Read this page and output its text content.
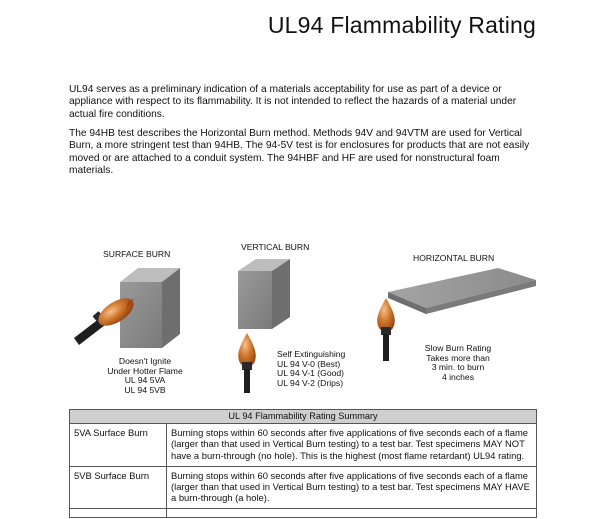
UL94 Flammability Rating

UL94 serves as a preliminary indication of a materials acceptability for use as part of a device or appliance with respect to its flammability. It is not intended to reflect the hazards of a material under actual fire conditions.

The 94HB test describes the Horizontal Burn method. Methods 94V and 94VTM are used for Vertical Burn, a more stringent test than 94HB. The 94-5V test is for enclosures for products that are not easily moved or are attached to a conduit system. The 94HBF and HF are used for nonstructural foam materials.

SURFACE BURN
Doesn't Ignite
Under Hotter Flame
UL 94 5VA
UL 94 5VB
VERTICAL BURN
Self Extinguishing
UL 94 V-0 (Best)
UL 94 V-1 (Good)
UL 94 V-2 (Drips)
HORIZONTAL BURN
Slow Burn Rating
Takes more than
3 min. to burn
4 inches
UL 94 Flammability Rating Summary	
5VA Surface Burn	Burning stops within 60 seconds after five applications of five seconds each of a flame (larger than that used in Vertical Burn testing) to a test bar. Test specimens MAY NOT have a burn-through (no hole). This is the highest (most flame retardant) UL94 rating.
5VB Surface Burn	Burning stops within 60 seconds after five applications of five seconds each of a flame (larger than that used in Vertical Burn testing) to a test bar. Test specimens MAY HAVE a burn-through (a hole).
